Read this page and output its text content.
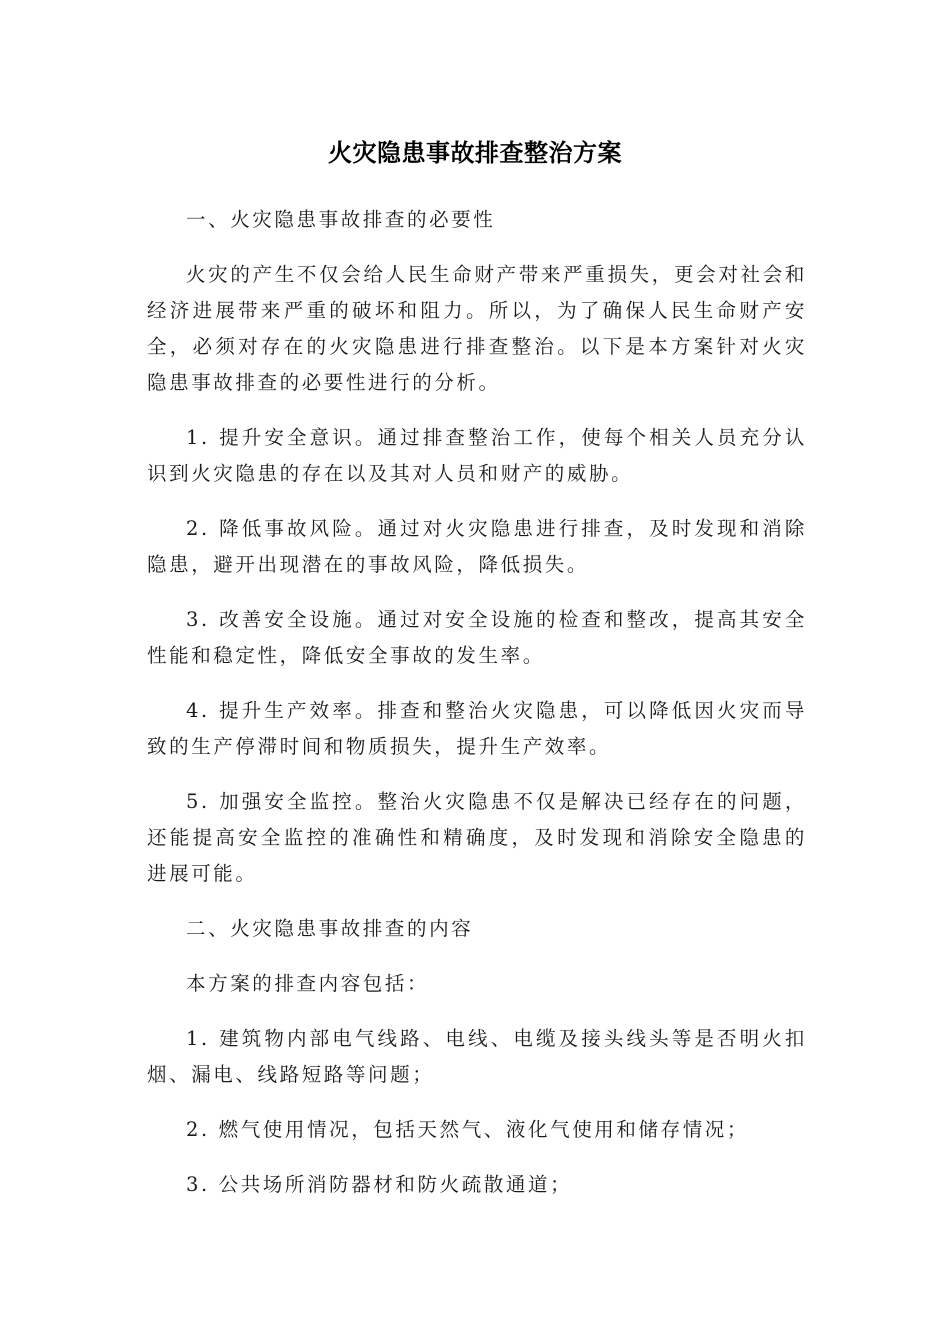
火灾隐患事故排查整治方案

一、火灾隐患事故排查的必要性

火灾的产生不仅会给人民生命财产带来严重损失，更会对社会和经济进展带来严重的破坏和阻力。所以，为了确保人民生命财产安全，必须对存在的火灾隐患进行排查整治。以下是本方案针对火灾隐患事故排查的必要性进行的分析。

1. 提升安全意识。通过排查整治工作，使每个相关人员充分认识到火灾隐患的存在以及其对人员和财产的威胁。

2. 降低事故风险。通过对火灾隐患进行排查，及时发现和消除隐患，避开出现潜在的事故风险，降低损失。

3. 改善安全设施。通过对安全设施的检查和整改，提高其安全性能和稳定性，降低安全事故的发生率。

4. 提升生产效率。排查和整治火灾隐患，可以降低因火灾而导致的生产停滞时间和物质损失，提升生产效率。

5. 加强安全监控。整治火灾隐患不仅是解决已经存在的问题，还能提高安全监控的准确性和精确度，及时发现和消除安全隐患的进展可能。

二、火灾隐患事故排查的内容

本方案的排查内容包括：

1. 建筑物内部电气线路、电线、电缆及接头线头等是否明火扣烟、漏电、线路短路等问题；

2. 燃气使用情况，包括天然气、液化气使用和储存情况；

3. 公共场所消防器材和防火疏散通道；
